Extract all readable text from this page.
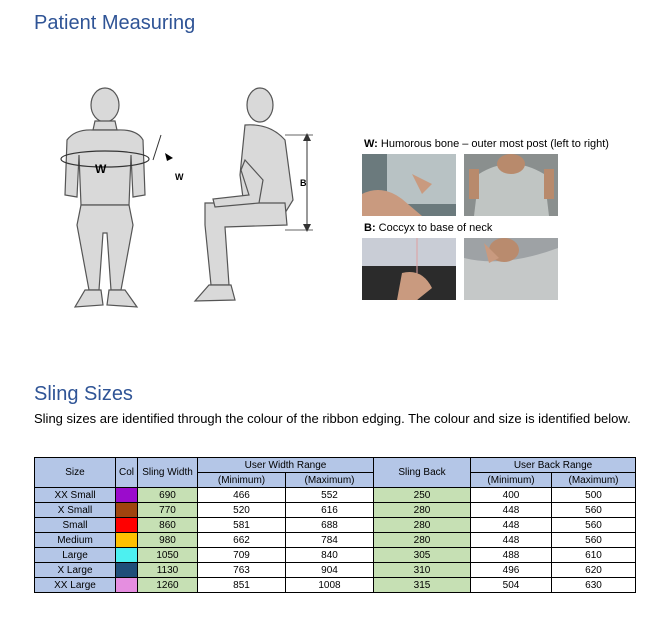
Patient Measuring
W
W
B
W: Humorous bone – outer most post (left to right)
B: Coccyx to base of neck
Sling Sizes
Sling sizes are identified through the colour of the ribbon edging. The colour and size is identified below.
Size	Col	Sling Width	User Width Range		Sling Back	User Back Range	
			(Minimum)	(Maximum)		(Minimum)	(Maximum)
XX Small		690	466	552	250	400	500
X Small		770	520	616	280	448	560
Small		860	581	688	280	448	560
Medium		980	662	784	280	448	560
Large		1050	709	840	305	488	610
X Large		1130	763	904	310	496	620
XX Large		1260	851	1008	315	504	630
